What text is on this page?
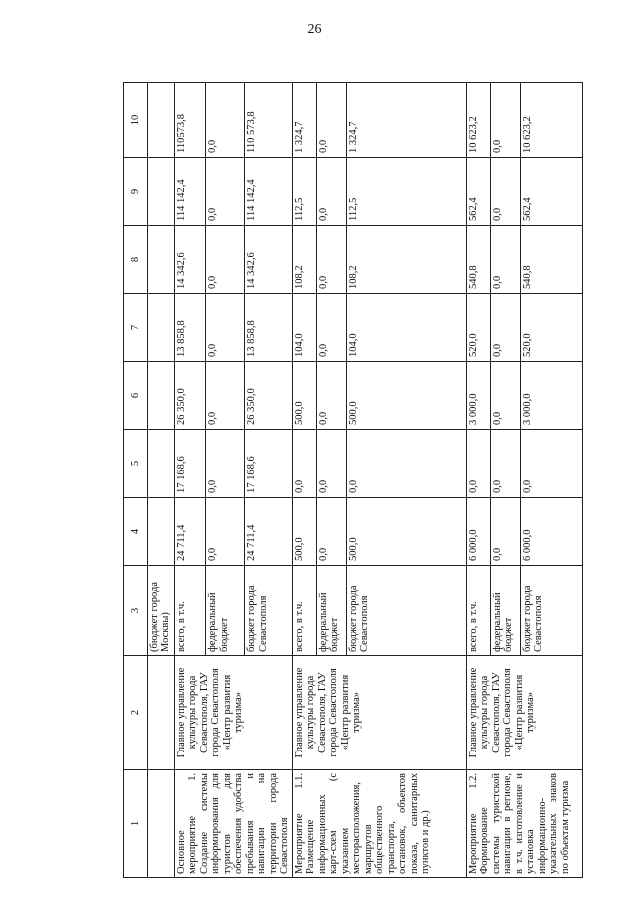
26
1	2	3	4	5	6	7	8	9	10
		(бюджет города Москвы)							
Основное мероприятие 1. Создание системы информирования для туристов для обеспечения удобства пребывания и навигации на территории города Севастополя	Главное управление культуры города Севастополя, ГАУ города Севастополя «Центр развития туризма»	всего, в т.ч.	24 711,4	17 168,6	26 350,0	13 858,8	14 342,6	114 142,4	110573,8
		федеральный бюджет	0,0	0,0	0,0	0,0	0,0	0,0	0,0
		бюджет города Севастополя	24 711,4	17 168,6	26 350,0	13 858,8	14 342,6	114 142,4	110 573,8
Мероприятие 1.1. Размещение информационных карт-схем (с указанием месторасположения, маршрутов общественного транспорта, остановок, объектов показа, санитарных пунктов и др.)	Главное управление культуры города Севастополя, ГАУ города Севастополя «Центр развития туризма»	всего, в т.ч.	500,0	0,0	500,0	104,0	108,2	112,5	1 324,7
		федеральный бюджет	0,0	0,0	0,0	0,0	0,0	0,0	0,0
		бюджет города Севастополя	500,0	0,0	500,0	104,0	108,2	112,5	1 324,7
Мероприятие 1.2. Формирование системы туристской навигации в регионе, в т.ч. изготовление и установка информационно-указательных знаков по объектам туризма	Главное управление культуры города Севастополя, ГАУ города Севастополя «Центр развития туризма»	всего, в т.ч.	6 000,0	0,0	3 000,0	520,0	540,8	562,4	10 623,2
		федеральный бюджет	0,0	0,0	0,0	0,0	0,0	0,0	0,0
		бюджет города Севастополя	6 000,0	0,0	3 000,0	520,0	540,8	562,4	10 623,2
